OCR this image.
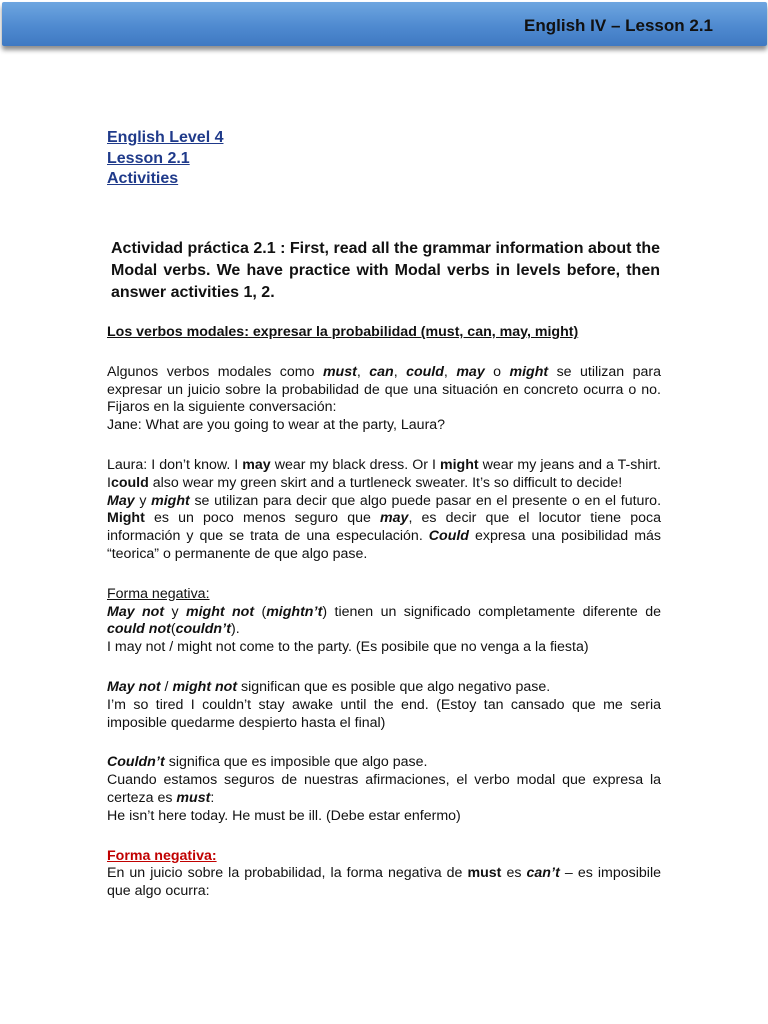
English IV – Lesson 2.1
English Level 4
Lesson 2.1
Activities
Actividad práctica 2.1 : First, read all the grammar information about the Modal verbs. We have practice with Modal verbs in levels before, then answer activities 1, 2.

Los verbos modales: expresar la probabilidad (must, can, may, might)

Algunos verbos modales como must, can, could, may o might se utilizan para expresar un juicio sobre la probabilidad de que una situación en concreto ocurra o no. Fijaros en la siguiente conversación:

Jane: What are you going to wear at the party, Laura?

Laura: I don’t know. I may wear my black dress. Or I might wear my jeans and a T-shirt. Icould also wear my green skirt and a turtleneck sweater. It’s so difficult to decide!

May y might se utilizan para decir que algo puede pasar en el presente o en el futuro. Might es un poco menos seguro que may, es decir que el locutor tiene poca información y que se trata de una especulación. Could expresa una posibilidad más “teorica” o permanente de que algo pase.

Forma negativa:

May not y might not (mightn’t) tienen un significado completamente diferente de could not(couldn’t).

I may not / might not come to the party. (Es posibile que no venga a la fiesta)

May not / might not significan que es posible que algo negativo pase.

I’m so tired I couldn’t stay awake until the end. (Estoy tan cansado que me seria imposible quedarme despierto hasta el final)

Couldn’t significa que es imposible que algo pase.

Cuando estamos seguros de nuestras afirmaciones, el verbo modal que expresa la certeza es must:

He isn’t here today. He must be ill. (Debe estar enfermo)

Forma negativa:

En un juicio sobre la probabilidad, la forma negativa de must es can’t – es imposibile que algo ocurra:
